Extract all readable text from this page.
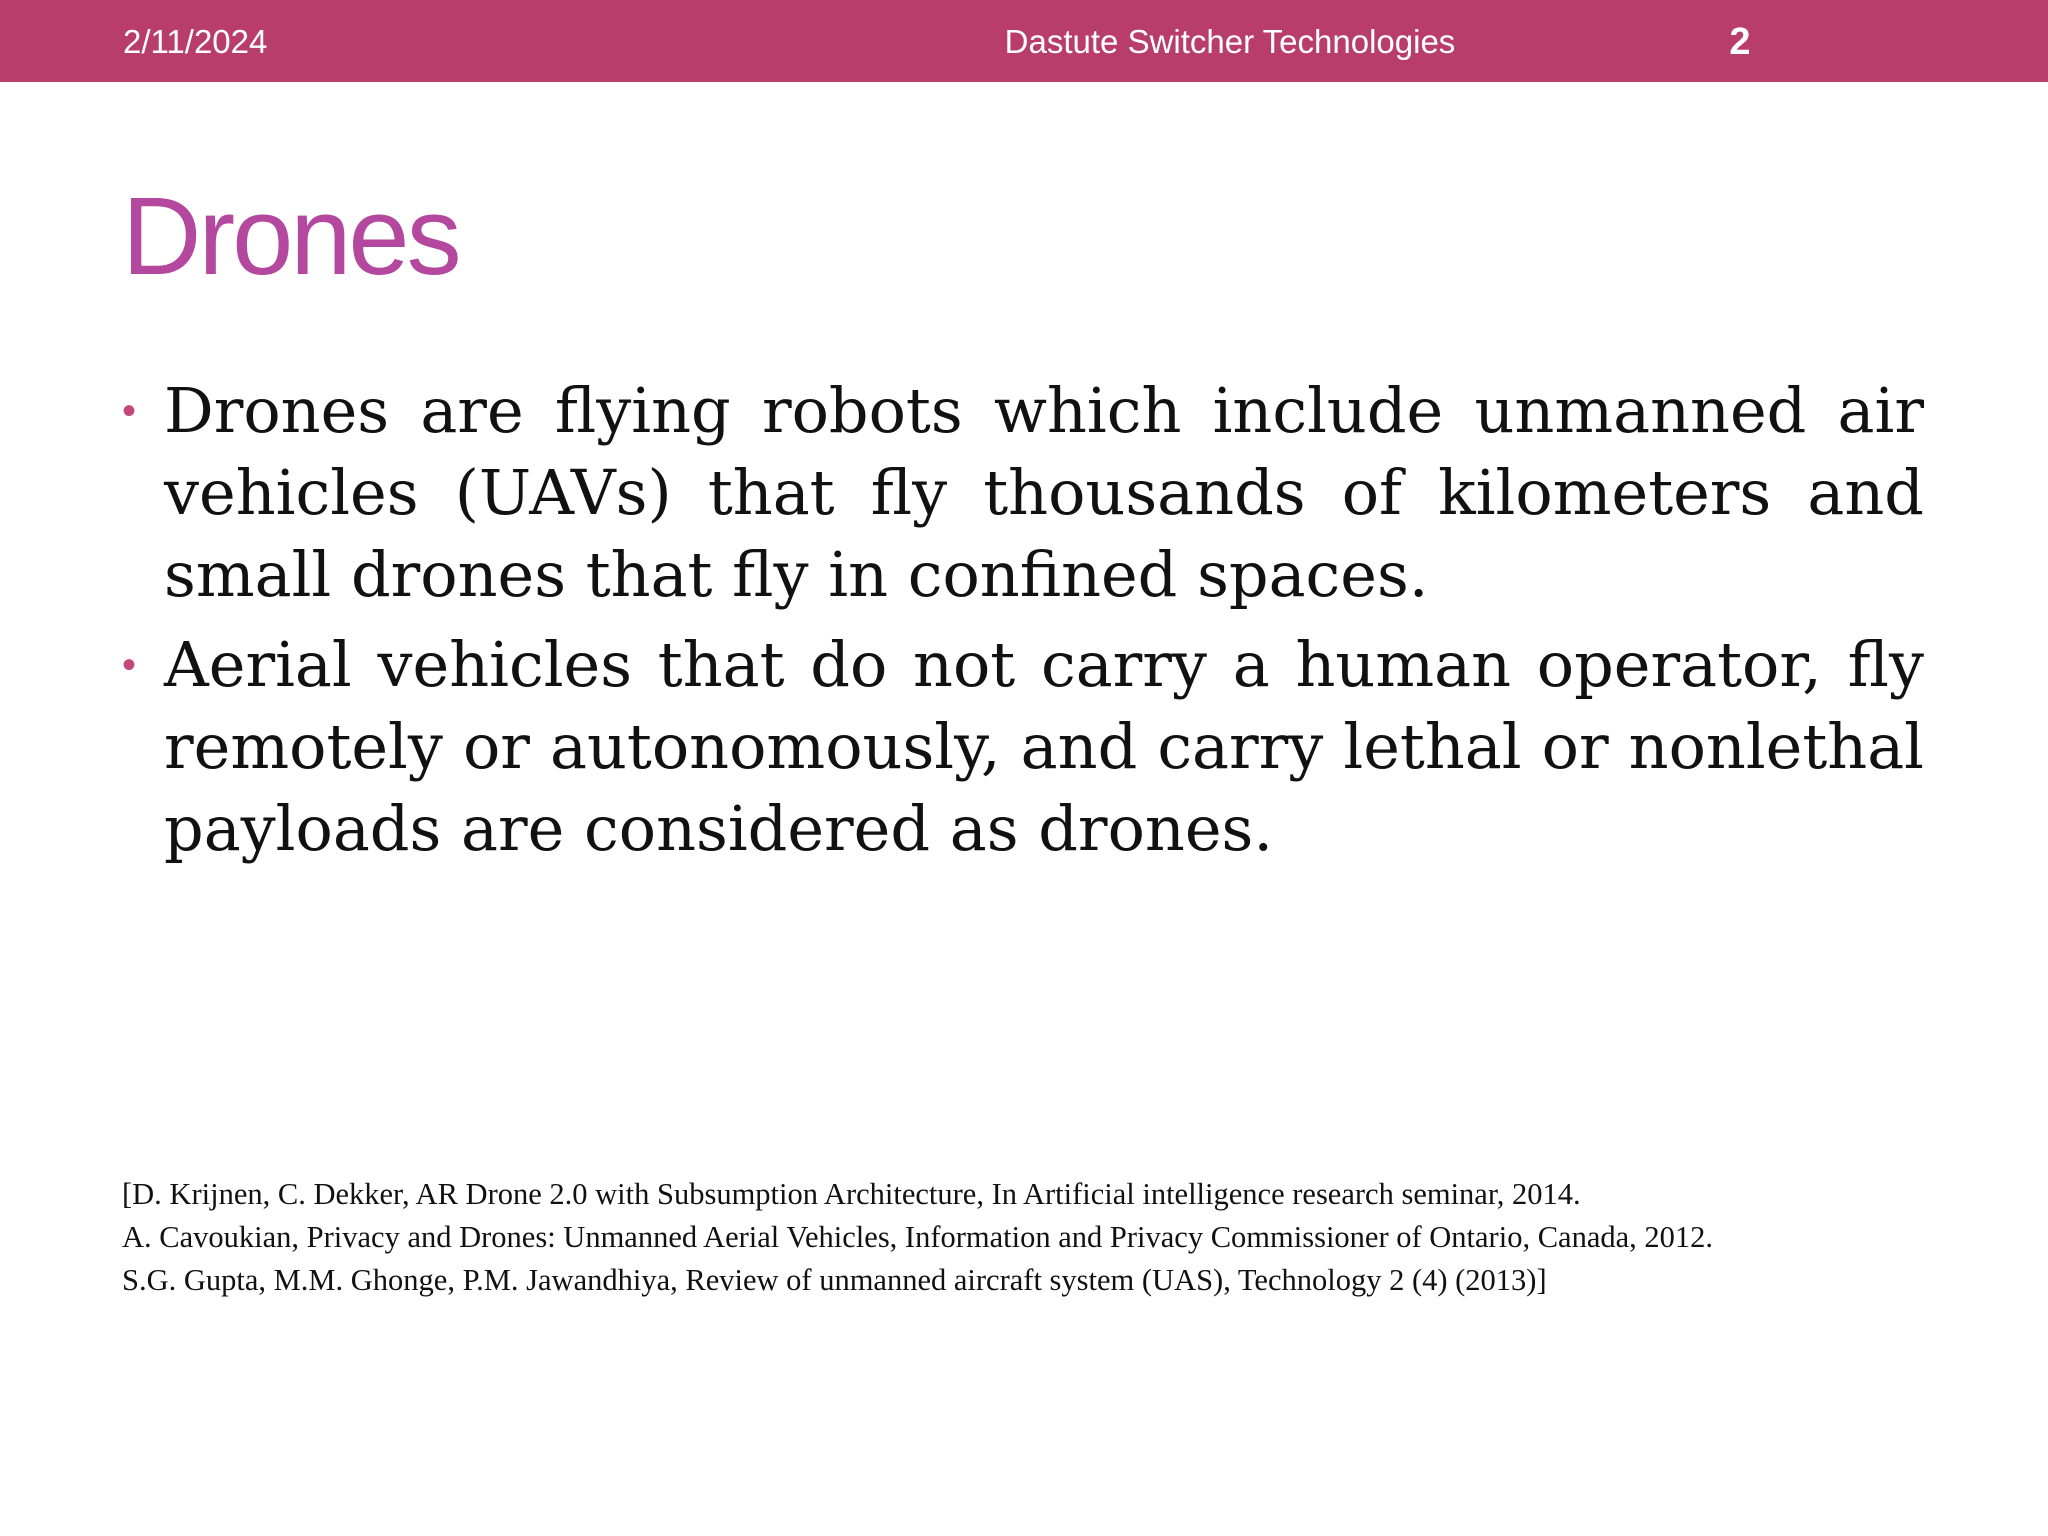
2/11/2024	Dastute Switcher Technologies	2
Drones
• Drones are flying robots which include unmanned air vehicles (UAVs) that fly thousands of kilometers and small drones that fly in confined spaces.
• Aerial vehicles that do not carry a human operator, fly remotely or autonomously, and carry lethal or nonlethal payloads are considered as drones.

[D. Krijnen, C. Dekker, AR Drone 2.0 with Subsumption Architecture, In Artificial intelligence research seminar, 2014.

A. Cavoukian, Privacy and Drones: Unmanned Aerial Vehicles, Information and Privacy Commissioner of Ontario, Canada, 2012.

S.G. Gupta, M.M. Ghonge, P.M. Jawandhiya, Review of unmanned aircraft system (UAS), Technology 2 (4) (2013)]
